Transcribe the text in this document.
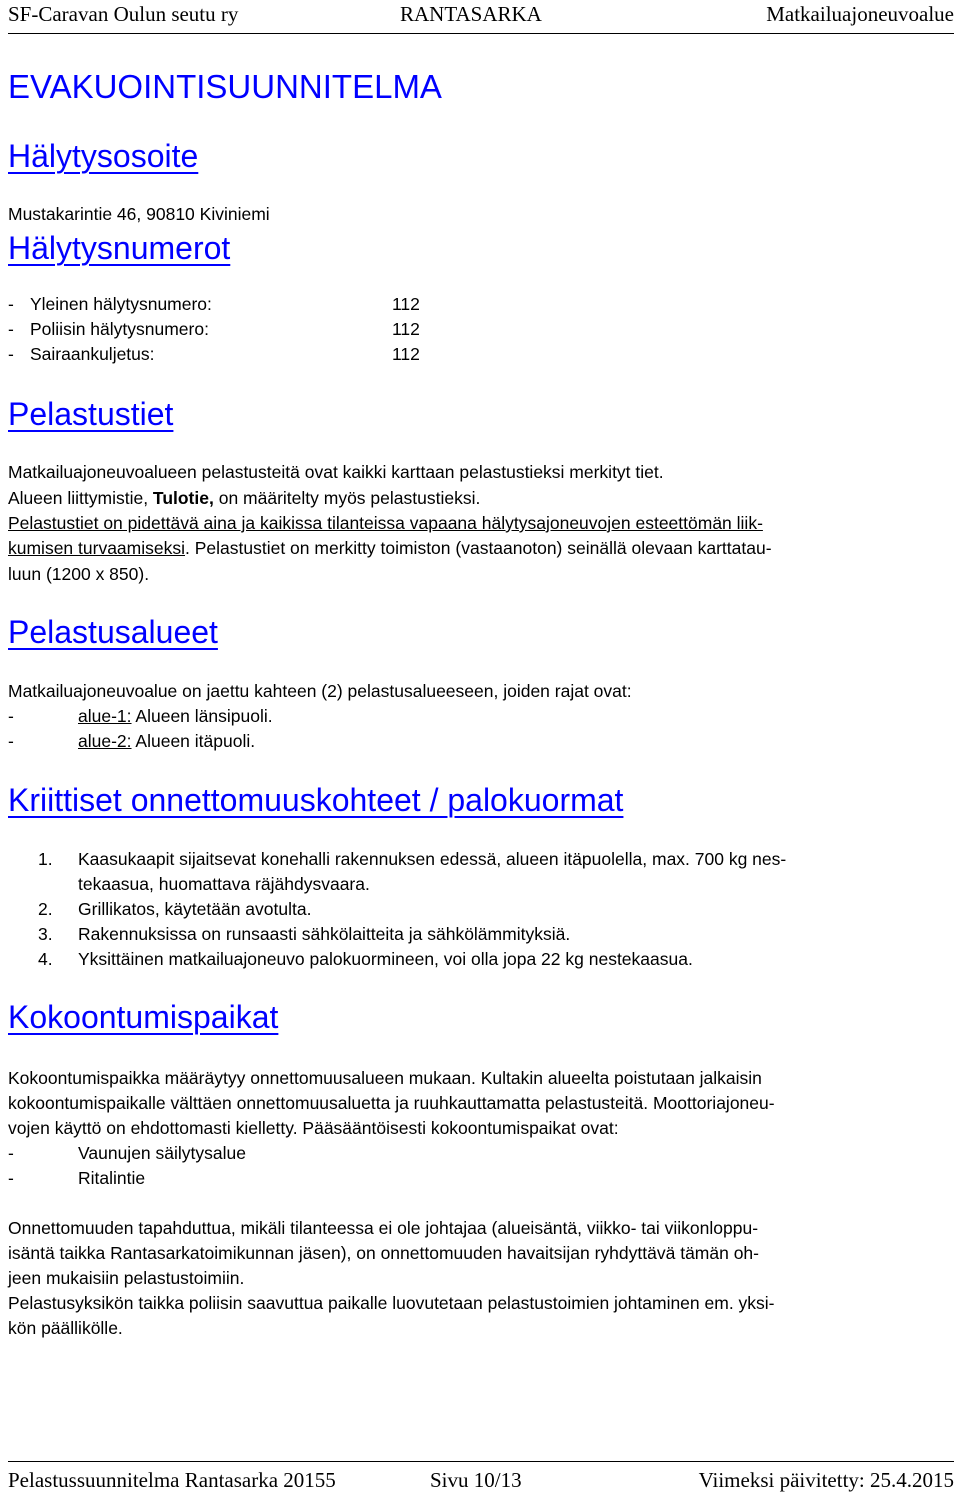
SF-Caravan Oulun seutu ry	RANTASARKA	Matkailuajoneuvoalue
EVAKUOINTISUUNNITELMA
Hälytysosoite

Mustakarintie 46, 90810 Kiviniemi

Hälytysnumerot
- Yleinen hälytysnumero:	112
- Poliisin hälytysnumero:	112
- Sairaankuljetus:	112
Pelastustiet

Matkailuajoneuvoalueen pelastusteitä ovat kaikki karttaan pelastustieksi merkityt tiet.

Alueen liittymistie, Tulotie, on määritelty myös pelastustieksi.

Pelastustiet on pidettävä aina ja kaikissa tilanteissa vapaana hälytysajoneuvojen esteettömän liik-

kumisen turvaamiseksi. Pelastustiet on merkitty toimiston (vastaanoton) seinällä olevaan karttatau-

luun (1200 x 850).

Pelastusalueet

Matkailuajoneuvoalue on jaettu kahteen (2) pelastusalueeseen, joiden rajat ovat:

-	alue-1: Alueen länsipuoli.
-	alue-2: Alueen itäpuoli.
Kriittiset onnettomuuskohteet / palokuormat
1. Kaasukaapit sijaitsevat konehalli rakennuksen edessä, alueen itäpuolella, max. 700 kg nes-
tekaasua, huomattava räjähdysvaara.
2. Grillikatos, käytetään avotulta.
3. Rakennuksissa on runsaasti sähkölaitteita ja sähkölämmityksiä.
4. Yksittäinen matkailuajoneuvo palokuormineen, voi olla jopa 22 kg nestekaasua.
Kokoontumispaikat

Kokoontumispaikka määräytyy onnettomuusalueen mukaan. Kultakin alueelta poistutaan jalkaisin

kokoontumispaikalle välttäen onnettomuusaluetta ja ruuhkauttamatta pelastusteitä. Moottoriajoneu-

vojen käyttö on ehdottomasti kielletty. Pääsääntöisesti kokoontumispaikat ovat:

-	Vaunujen säilytysalue
-	Ritalintie

Onnettomuuden tapahduttua, mikäli tilanteessa ei ole johtajaa (alueisäntä, viikko- tai viikonloppu-

isäntä taikka Rantasarkatoimikunnan jäsen), on onnettomuuden havaitsijan ryhdyttävä tämän oh-

jeen mukaisiin pelastustoimiin.

Pelastusyksikön taikka poliisin saavuttua paikalle luovutetaan pelastustoimien johtaminen em. yksi-

kön päällikölle.

Pelastussuunnitelma Rantasarka 20155	Sivu 10/13	Viimeksi päivitetty: 25.4.2015
